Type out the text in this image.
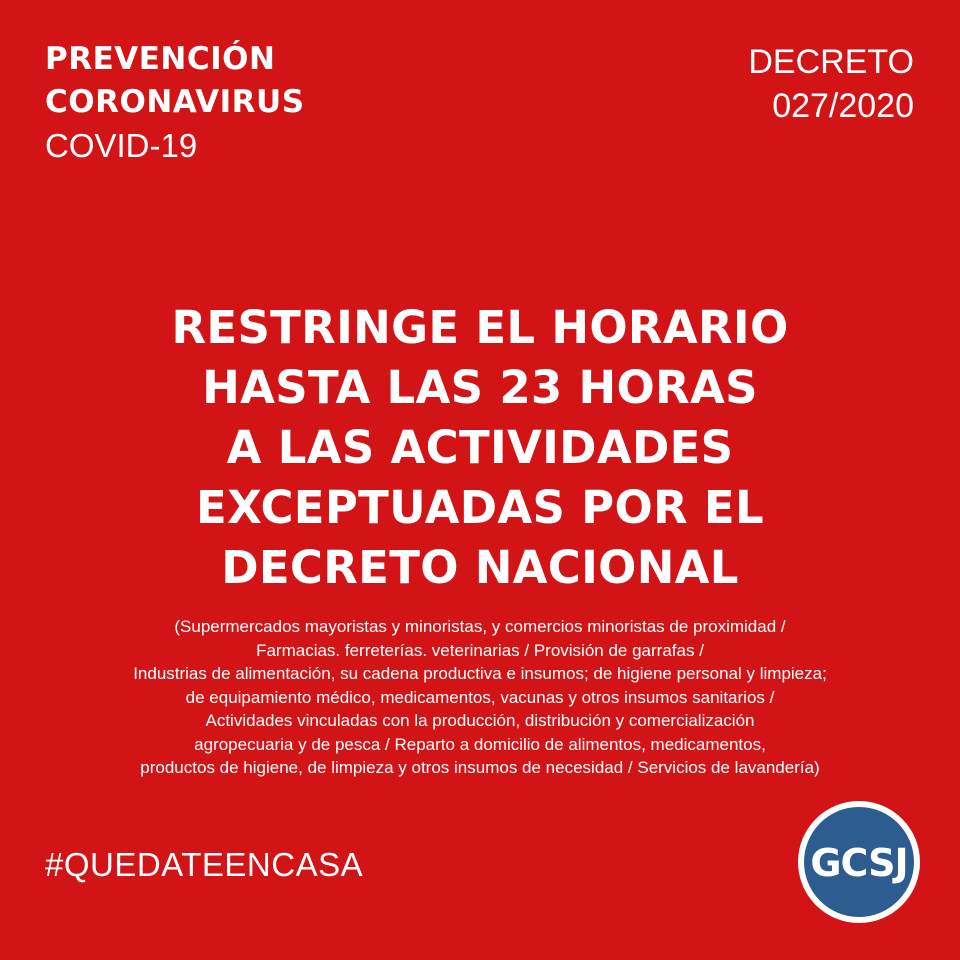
PREVENCIÓN
CORONAVIRUS
COVID-19
DECRETO
027/2020
RESTRINGE EL HORARIO
HASTA LAS 23 HORAS
A LAS ACTIVIDADES
EXCEPTUADAS POR EL
DECRETO NACIONAL
(Supermercados mayoristas y minoristas, y comercios minoristas de proximidad /
Farmacias. ferreterías. veterinarias / Provisión de garrafas /
Industrias de alimentación, su cadena productiva e insumos; de higiene personal y limpieza;
de equipamiento médico, medicamentos, vacunas y otros insumos sanitarios /
Actividades vinculadas con la producción, distribución y comercialización
agropecuaria y de pesca / Reparto a domicilio de alimentos, medicamentos,
productos de higiene, de limpieza y otros insumos de necesidad / Servicios de lavandería)
#QUEDATEENCASA	GCSJ
